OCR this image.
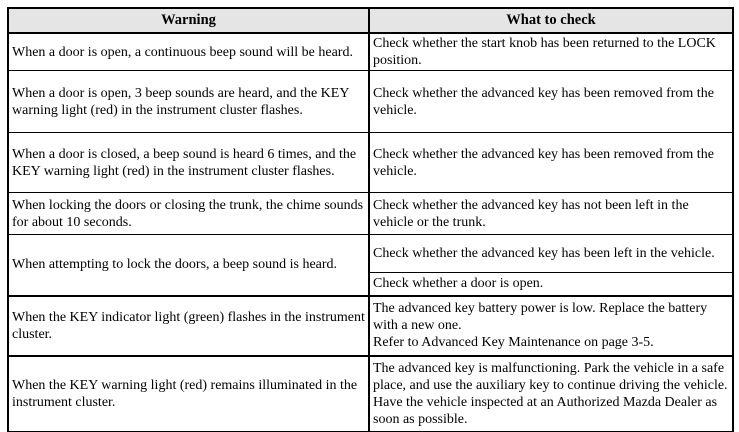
Warning	What to check
When a door is open, a continuous beep sound will be heard.	Check whether the start knob has been returned to the LOCK position.

When a door is open, 3 beep sounds are heard, and the KEY warning light (red) in the instrument cluster flashes.	Check whether the advanced key has been removed from the vehicle.

When a door is closed, a beep sound is heard 6 times, and the KEY warning light (red) in the instrument cluster flashes.	Check whether the advanced key has been removed from the vehicle.

When locking the doors or closing the trunk, the chime sounds for about 10 seconds.	Check whether the advanced key has not been left in the vehicle or the trunk.

When attempting to lock the doors, a beep sound is heard.	Check whether the advanced key has been left in the vehicle.

	Check whether a door is open.

When the KEY indicator light (green) flashes in the instrument cluster.	The advanced key battery power is low. Replace the battery with a new one.
Refer to Advanced Key Maintenance on page 3-5.

When the KEY warning light (red) remains illuminated in the instrument cluster.	The advanced key is malfunctioning. Park the vehicle in a safe place, and use the auxiliary key to continue driving the vehicle. Have the vehicle inspected at an Authorized Mazda Dealer as soon as possible.
